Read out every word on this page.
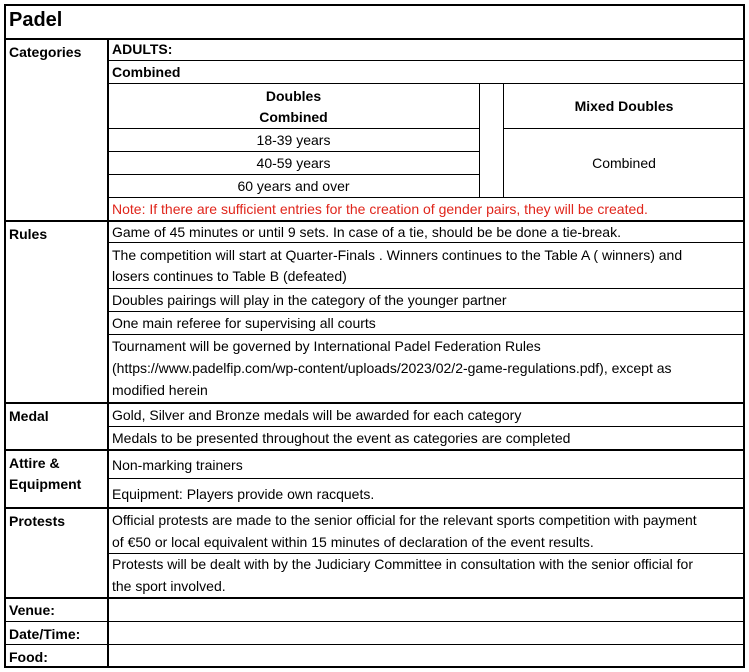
Padel
Categories
Rules
Medal
Attire &
Equipment
Protests
Venue:
Date/Time:
Food:
ADULTS:
Combined
Doubles
Combined
Mixed Doubles
18-39 years
40-59 years
60 years and over
Combined
Note: If there are sufficient entries for the creation of gender pairs, they will be created.
Game of 45 minutes or until 9 sets. In case of a tie, should be be done a tie-break.
The competition will start at Quarter-Finals . Winners continues to the Table A ( winners) and
losers continues to Table B (defeated)
Doubles pairings will play in the category of the younger partner
One main referee for supervising all courts
Tournament will be governed by International Padel Federation Rules
(https://www.padelfip.com/wp-content/uploads/2023/02/2-game-regulations.pdf), except as
modified herein
Gold, Silver and Bronze medals will be awarded for each category
Medals to be presented throughout the event as categories are completed
Non-marking trainers
Equipment: Players provide own racquets.
Official protests are made to the senior official for the relevant sports competition with payment
of €50 or local equivalent within 15 minutes of declaration of the event results.
Protests will be dealt with by the Judiciary Committee in consultation with the senior official for
the sport involved.
